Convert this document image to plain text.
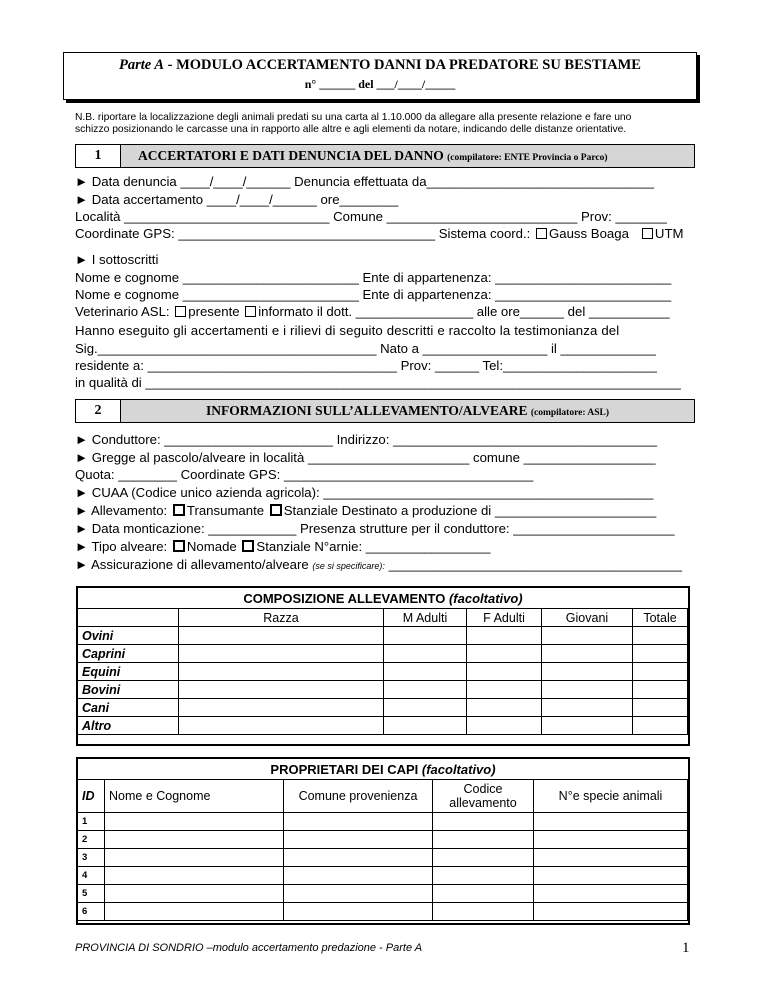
Parte A - MODULO ACCERTAMENTO DANNI DA PREDATORE SU BESTIAME
n° ______ del ___/____/_____
N.B. riportare la localizzazione degli animali predati su una carta al 1.10.000 da allegare alla presente relazione e fare uno
schizzo posizionando le carcasse una in rapporto alle altre e agli elementi da notare, indicando delle distanze orientative.
1	ACCERTATORI E DATI DENUNCIA DEL DANNO (compilatore: ENTE Provincia o Parco)
► Data denuncia ____/____/______ Denuncia effettuata da_______________________________
► Data accertamento ____/____/______ ore________
Località ____________________________ Comune __________________________ Prov: _______
Coordinate GPS: ___________________________________ Sistema coord.: Gauss Boaga UTM
► I sottoscritti
Nome e cognome ________________________ Ente di appartenenza: ________________________
Nome e cognome ________________________ Ente di appartenenza: ________________________
Veterinario ASL: presente informato il dott. ________________ alle ore______ del ___________
Hanno eseguito gli accertamenti e i rilievi di seguito descritti e raccolto la testimonianza del
Sig.______________________________________ Nato a _________________ il _____________
residente a: __________________________________ Prov: ______ Tel:_____________________
in qualità di _________________________________________________________________________
2	INFORMAZIONI SULL’ALLEVAMENTO/ALVEARE (compilatore: ASL)
► Conduttore: _______________________ Indirizzo: ____________________________________
► Gregge al pascolo/alveare in località ______________________ comune __________________
Quota: ________ Coordinate GPS: __________________________________
► CUAA (Codice unico azienda agricola): _____________________________________________
► Allevamento: Transumante Stanziale Destinato a produzione di ______________________
► Data monticazione: ____________ Presenza strutture per il conduttore: ______________________
► Tipo alveare: Nomade Stanziale N°arnie: _________________
► Assicurazione di allevamento/alveare (se si specificare): ________________________________________
COMPOSIZIONE ALLEVAMENTO (facoltativo)
	Razza	M Adulti	F Adulti	Giovani	Totale
Ovini					
Caprini					
Equini					
Bovini					
Cani					
Altro					
PROPRIETARI DEI CAPI (facoltativo)
ID	Nome e Cognome	Comune provenienza	Codice allevamento	N°e specie animali
1				
2				
3				
4				
5				
6				
PROVINCIA DI SONDRIO –modulo accertamento predazione - Parte A	1
